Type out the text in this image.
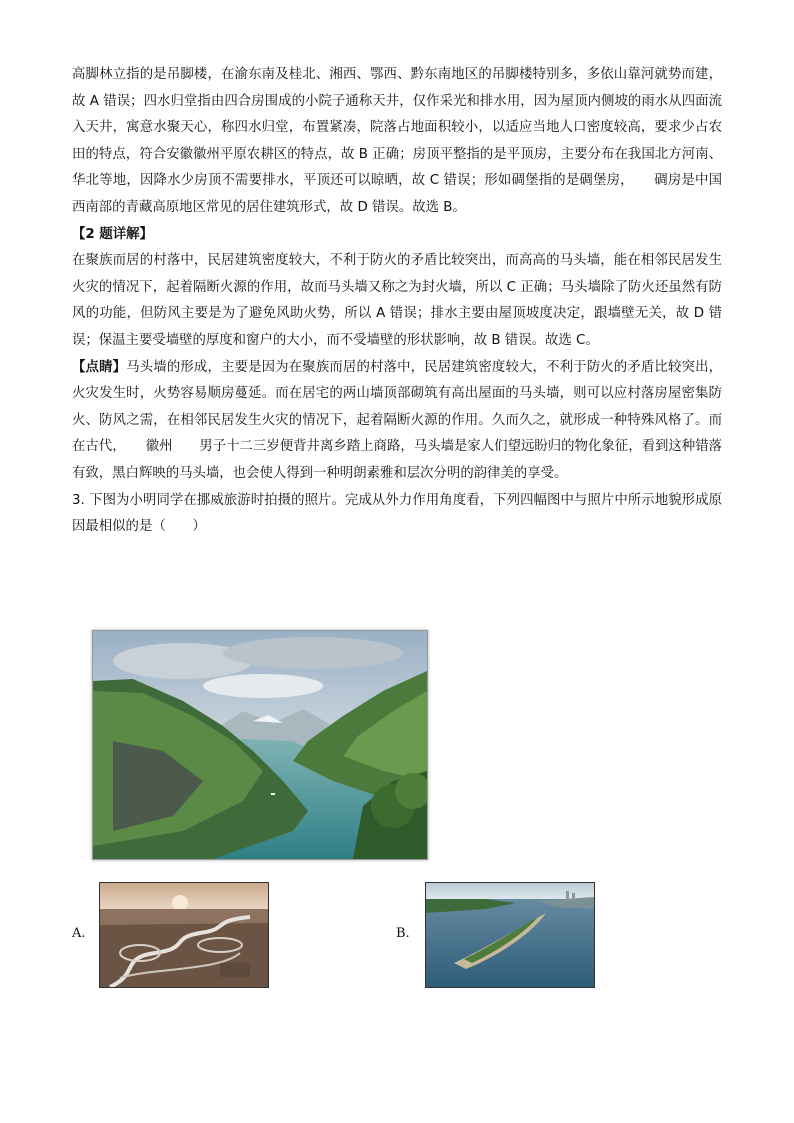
高脚林立指的是吊脚楼，在渝东南及桂北、湘西、鄂西、黔东南地区的吊脚楼特别多，多依山靠河就势而建，故 A 错误；四水归堂指由四合房围成的小院子通称天井，仅作采光和排水用，因为屋顶内侧坡的雨水从四面流入天井，寓意水聚天心，称四水归堂，布置紧凑，院落占地面积较小，以适应当地人口密度较高，要求少占农田的特点，符合安徽徽州平原农耕区的特点，故 B 正确；房顶平整指的是平顶房，主要分布在我国北方河南、华北等地，因降水少房顶不需要排水，平顶还可以晾晒，故 C 错误；形如碉堡指的是碉堡房，　　碉房是中国西南部的青藏高原地区常见的居住建筑形式，故 D 错误。故选 B。

【2 题详解】

在聚族而居的村落中，民居建筑密度较大，不利于防火的矛盾比较突出，而高高的马头墙，能在相邻民居发生火灾的情况下，起着隔断火源的作用，故而马头墙又称之为封火墙，所以 C 正确；马头墙除了防火还虽然有防风的功能，但防风主要是为了避免风助火势，所以 A 错误；排水主要由屋顶坡度决定，跟墙壁无关，故 D 错误；保温主要受墙壁的厚度和窗户的大小，而不受墙壁的形状影响，故 B 错误。故选 C。

【点睛】马头墙的形成，主要是因为在聚族而居的村落中，民居建筑密度较大，不利于防火的矛盾比较突出，火灾发生时，火势容易顺房蔓延。而在居宅的两山墙顶部砌筑有高出屋面的马头墙，则可以应村落房屋密集防火、防风之需，在相邻民居发生火灾的情况下，起着隔断火源的作用。久而久之，就形成一种特殊风格了。而在古代，　　徽州　　男子十二三岁便背井离乡踏上商路，马头墙是家人们望远盼归的物化象征，看到这种错落有致，黑白辉映的马头墙，也会使人得到一种明朗素雅和层次分明的韵律美的享受。

3. 下图为小明同学在挪威旅游时拍摄的照片。完成从外力作用角度看，下列四幅图中与照片中所示地貌形成原因最相似的是（　　）

A.	B.
